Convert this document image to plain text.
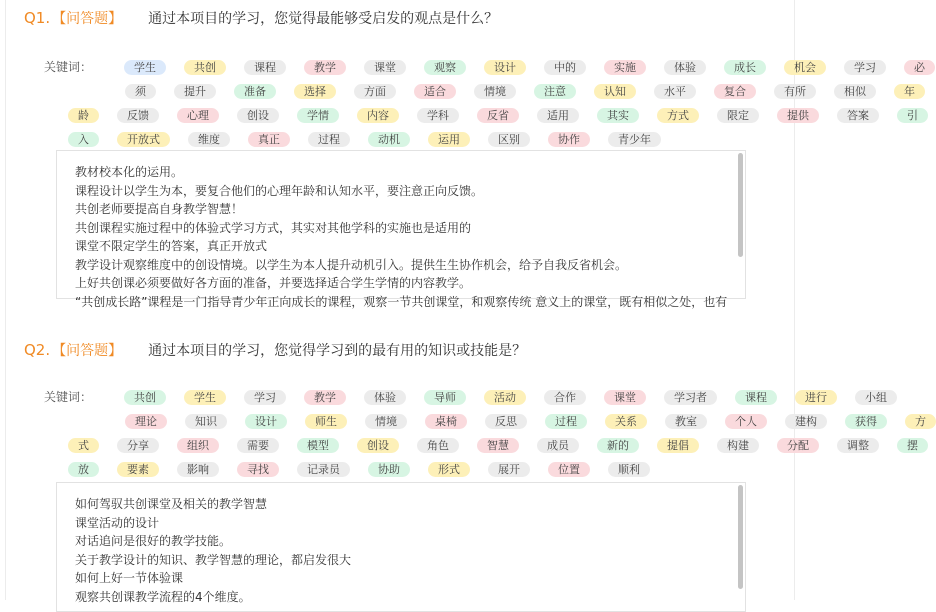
Q1. 【问答题】 通过本项目的学习，您觉得最能够受启发的观点是什么？
关键词：	学生	共创	课程	教学	课堂	观察	设计	中的	实施	体验	成长	机会	学习	必
须	提升	准备	选择	方面	适合	情境	注意	认知	水平	复合	有所	相似	年
龄	反馈	心理	创设	学情	内容	学科	反省	适用	其实	方式	限定	提供	答案	引
入	开放式	维度	真正	过程	动机	运用	区别	协作	青少年
教材校本化的运用。
课程设计以学生为本，要复合他们的心理年龄和认知水平，要注意正向反馈。
共创老师要提高自身教学智慧！
共创课程实施过程中的体验式学习方式，其实对其他学科的实施也是适用的
课堂不限定学生的答案，真正开放式
教学设计观察维度中的创设情境。以学生为本人提升动机引入。提供生生协作机会，给予自我反省机会。
上好共创课必须要做好各方面的准备，并要选择适合学生学情的内容教学。
“共创成长路”课程是一门指导青少年正向成长的课程，观察一节共创课堂，和观察传统 意义上的课堂，既有相似之处，也有
Q2. 【问答题】 通过本项目的学习，您觉得学习到的最有用的知识或技能是？
关键词：	共创	学生	学习	教学	体验	导师	活动	合作	课堂	学习者	课程	进行	小组
理论	知识	设计	师生	情境	桌椅	反思	过程	关系	教室	个人	建构	获得	方
式	分享	组织	需要	模型	创设	角色	智慧	成员	新的	提倡	构建	分配	调整	摆
放	要素	影响	寻找	记录员	协助	形式	展开	位置	顺利
如何驾驭共创课堂及相关的教学智慧
课堂活动的设计
对话追问是很好的教学技能。
关于教学设计的知识、教学智慧的理论，都启发很大
如何上好一节体验课
观察共创课教学流程的4个维度。
